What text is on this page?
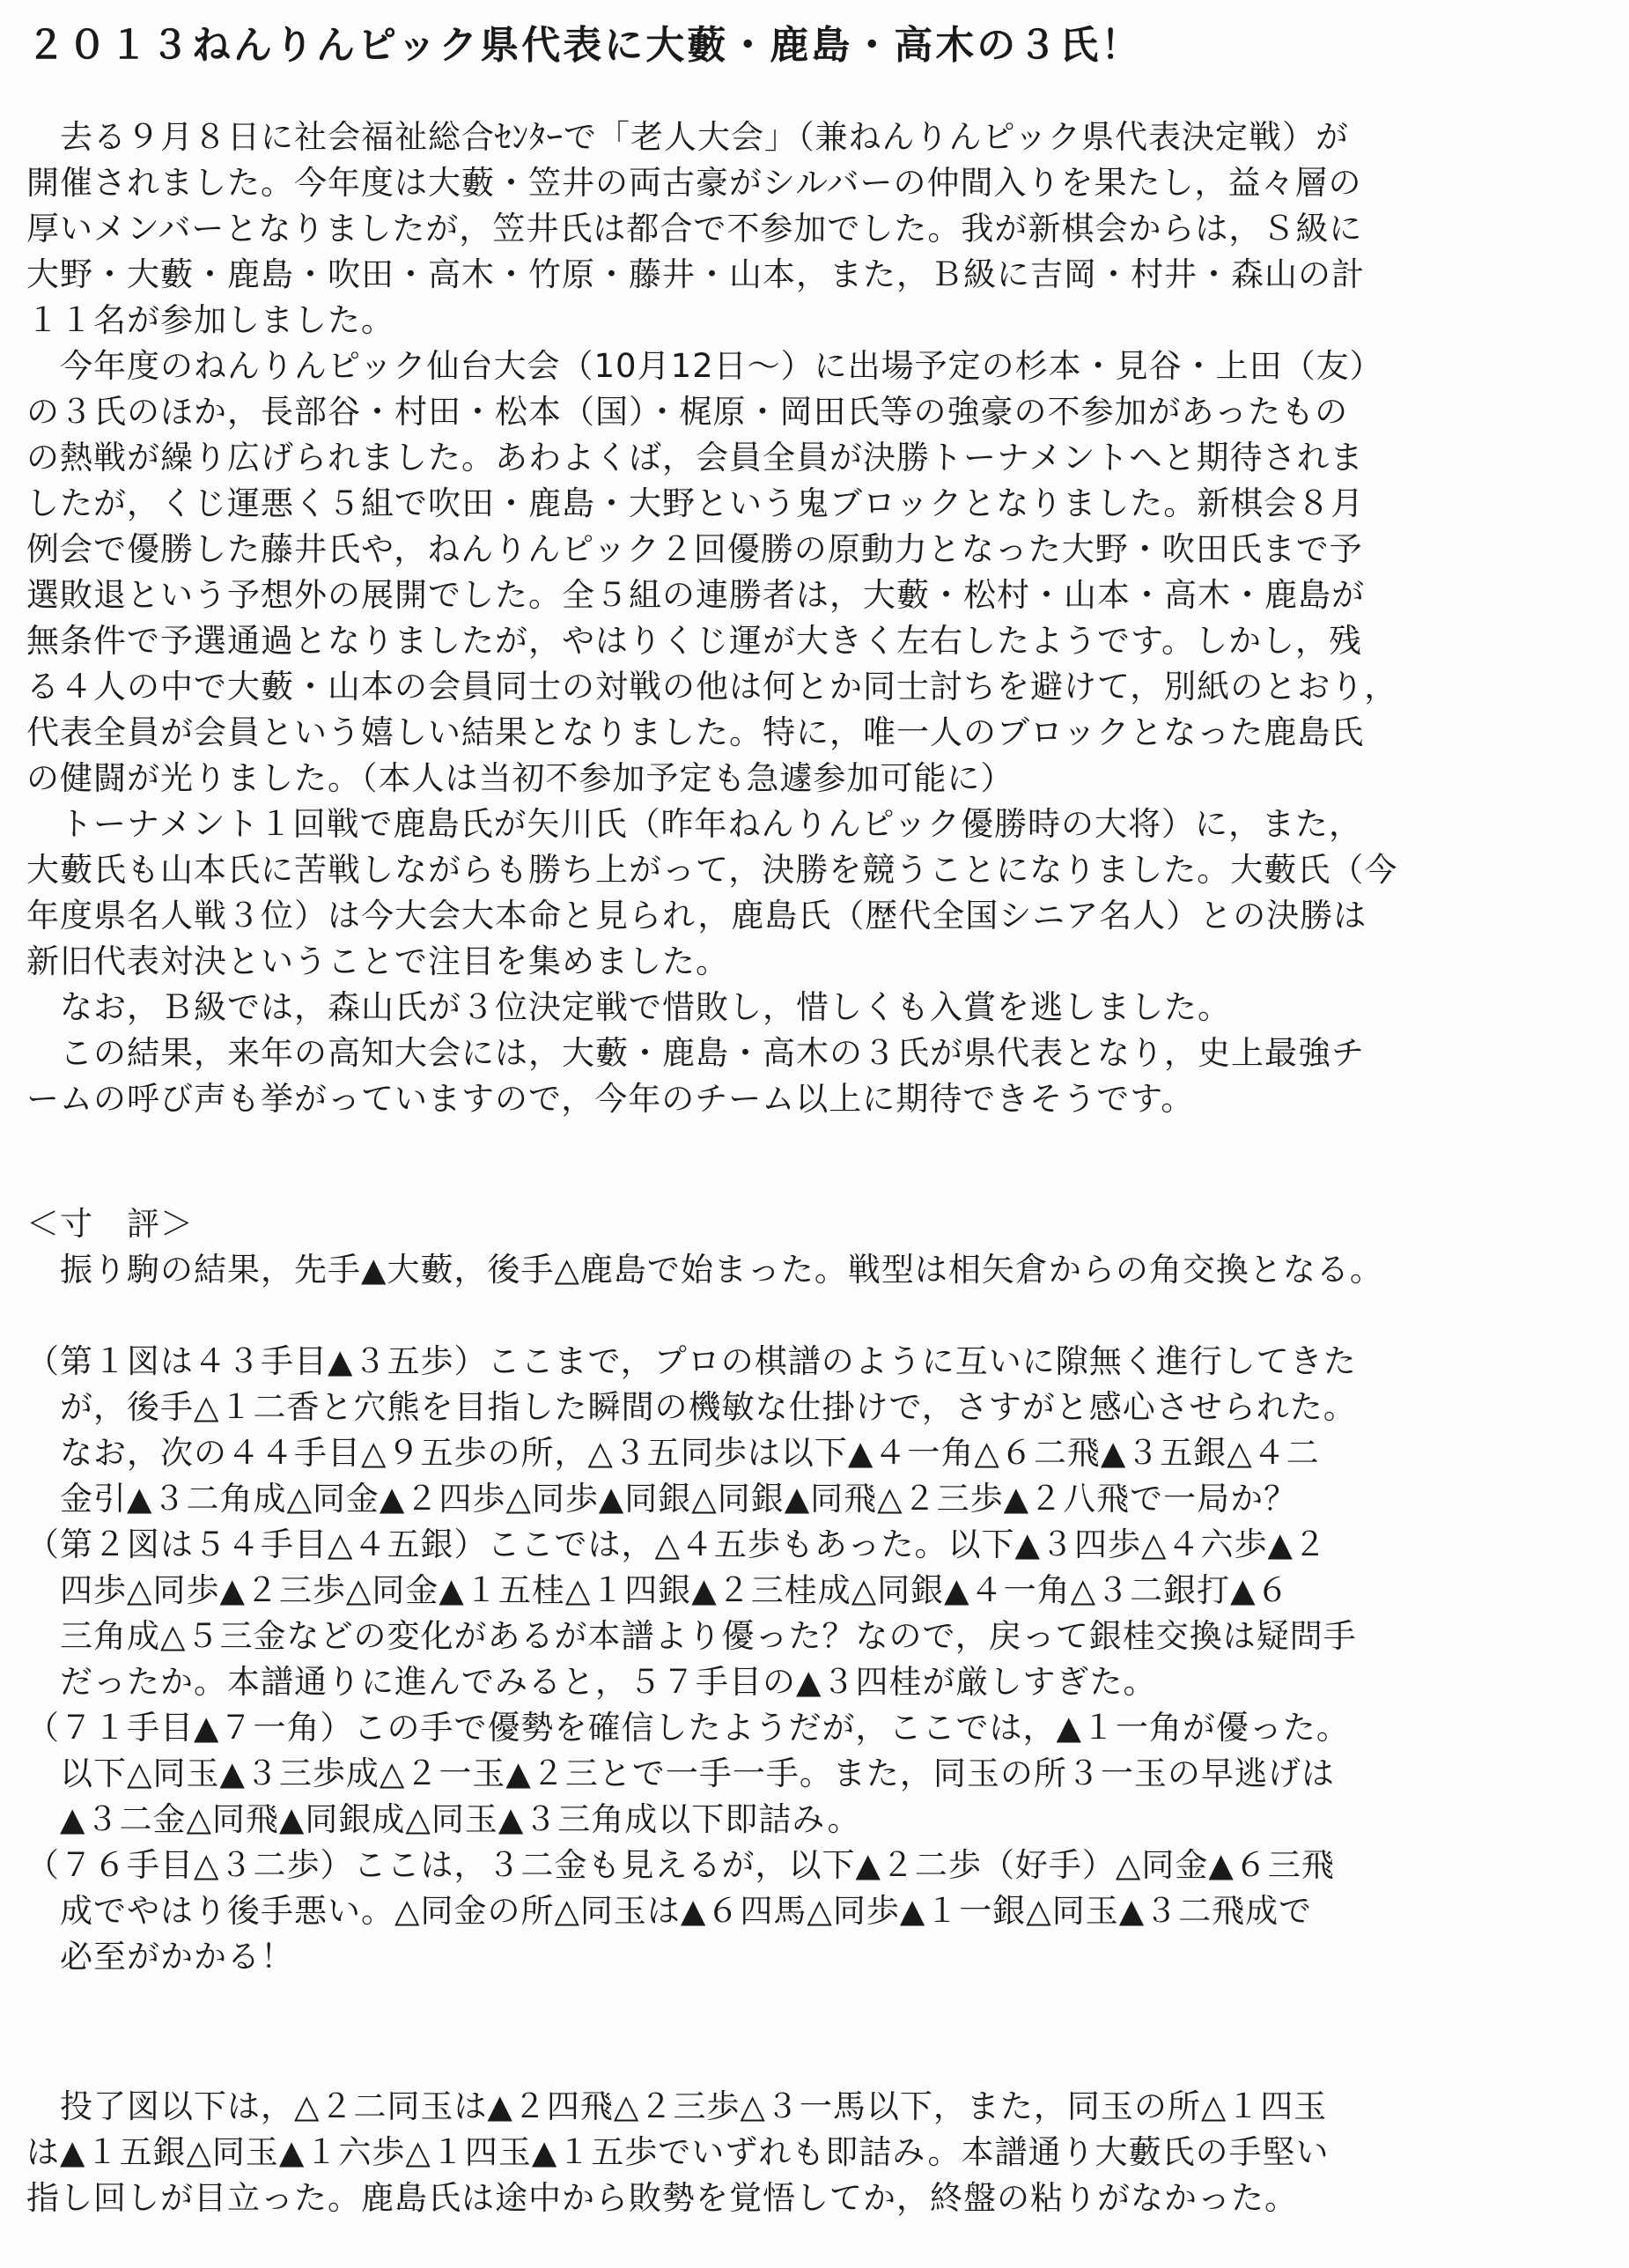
２０１３ねんりんピック県代表に大藪・鹿島・高木の３氏！
　去る９月８日に社会福祉総合ｾﾝﾀｰで「老人大会」（兼ねんりんピック県代表決定戦）が
開催されました。今年度は大藪・笠井の両古豪がシルバーの仲間入りを果たし，益々層の
厚いメンバーとなりましたが，笠井氏は都合で不参加でした。我が新棋会からは，Ｓ級に
大野・大藪・鹿島・吹田・高木・竹原・藤井・山本，また，Ｂ級に吉岡・村井・森山の計
１１名が参加しました。
　今年度のねんりんピック仙台大会（10月12日〜）に出場予定の杉本・見谷・上田（友）
の３氏のほか，長部谷・村田・松本（国）・梶原・岡田氏等の強豪の不参加があったもの
の熱戦が繰り広げられました。あわよくば，会員全員が決勝トーナメントへと期待されま
したが，くじ運悪く５組で吹田・鹿島・大野という鬼ブロックとなりました。新棋会８月
例会で優勝した藤井氏や，ねんりんピック２回優勝の原動力となった大野・吹田氏まで予
選敗退という予想外の展開でした。全５組の連勝者は，大藪・松村・山本・高木・鹿島が
無条件で予選通過となりましたが，やはりくじ運が大きく左右したようです。しかし，残
る４人の中で大藪・山本の会員同士の対戦の他は何とか同士討ちを避けて，別紙のとおり，
代表全員が会員という嬉しい結果となりました。特に，唯一人のブロックとなった鹿島氏
の健闘が光りました。（本人は当初不参加予定も急遽参加可能に）
　トーナメント１回戦で鹿島氏が矢川氏（昨年ねんりんピック優勝時の大将）に，また，
大藪氏も山本氏に苦戦しながらも勝ち上がって，決勝を競うことになりました。大藪氏（今
年度県名人戦３位）は今大会大本命と見られ，鹿島氏（歴代全国シニア名人）との決勝は
新旧代表対決ということで注目を集めました。
　なお，Ｂ級では，森山氏が３位決定戦で惜敗し，惜しくも入賞を逃しました。
　この結果，来年の高知大会には，大藪・鹿島・高木の３氏が県代表となり，史上最強チ
ームの呼び声も挙がっていますので，今年のチーム以上に期待できそうです。
＜寸　評＞
　振り駒の結果，先手▲大藪，後手△鹿島で始まった。戦型は相矢倉からの角交換となる。
（第１図は４３手目▲３五歩）ここまで，プロの棋譜のように互いに隙無く進行してきた
　が，後手△１二香と穴熊を目指した瞬間の機敏な仕掛けで，さすがと感心させられた。
　なお，次の４４手目△９五歩の所，△３五同歩は以下▲４一角△６二飛▲３五銀△４二
　金引▲３二角成△同金▲２四歩△同歩▲同銀△同銀▲同飛△２三歩▲２八飛で一局か？
（第２図は５４手目△４五銀）ここでは，△４五歩もあった。以下▲３四歩△４六歩▲２
　四歩△同歩▲２三歩△同金▲１五桂△１四銀▲２三桂成△同銀▲４一角△３二銀打▲６
　三角成△５三金などの変化があるが本譜より優った？なので，戻って銀桂交換は疑問手
　だったか。本譜通りに進んでみると，５７手目の▲３四桂が厳しすぎた。
（７１手目▲７一角）この手で優勢を確信したようだが，ここでは，▲１一角が優った。
　以下△同玉▲３三歩成△２一玉▲２三とで一手一手。また，同玉の所３一玉の早逃げは
　▲３二金△同飛▲同銀成△同玉▲３三角成以下即詰み。
（７６手目△３二歩）ここは，３二金も見えるが，以下▲２二歩（好手）△同金▲６三飛
　成でやはり後手悪い。△同金の所△同玉は▲６四馬△同歩▲１一銀△同玉▲３二飛成で
　必至がかかる！
　投了図以下は，△２二同玉は▲２四飛△２三歩△３一馬以下，また，同玉の所△１四玉
は▲１五銀△同玉▲１六歩△１四玉▲１五歩でいずれも即詰み。本譜通り大藪氏の手堅い
指し回しが目立った。鹿島氏は途中から敗勢を覚悟してか，終盤の粘りがなかった。
